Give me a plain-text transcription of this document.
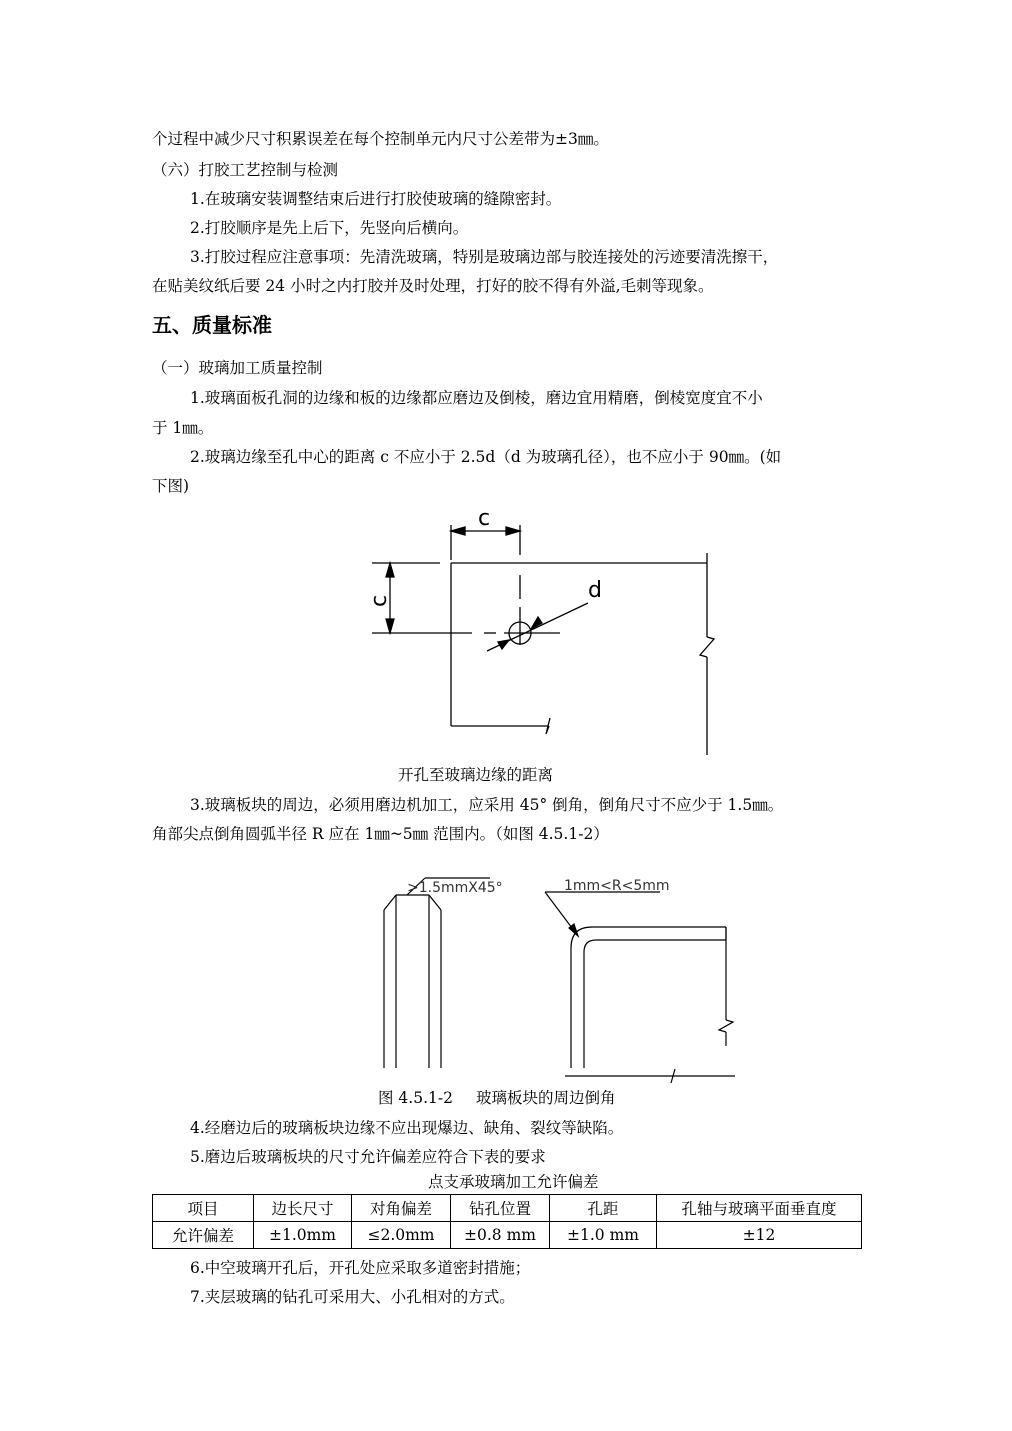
个过程中减少尺寸积累误差在每个控制单元内尺寸公差带为±3㎜。
（六）打胶工艺控制与检测
1.在玻璃安装调整结束后进行打胶使玻璃的缝隙密封。
2.打胶顺序是先上后下，先竖向后横向。
3.打胶过程应注意事项：先清洗玻璃，特别是玻璃边部与胶连接处的污迹要清洗擦干，
在贴美纹纸后要 24 小时之内打胶并及时处理，打好的胶不得有外溢,毛刺等现象。
五、质量标准
（一）玻璃加工质量控制
1.玻璃面板孔洞的边缘和板的边缘都应磨边及倒棱，磨边宜用精磨，倒棱宽度宜不小
于 1㎜。
2.玻璃边缘至孔中心的距离 c 不应小于 2.5d（d 为玻璃孔径），也不应小于 90㎜。(如
下图)
c
c	d
开孔至玻璃边缘的距离
3.玻璃板块的周边，必须用磨边机加工，应采用 45° 倒角，倒角尺寸不应少于 1.5㎜。
角部尖点倒角圆弧半径 R 应在 1㎜~5㎜ 范围内。（如图 4.5.1-2）
>1.5mmX45°	1mm<R<5mm
图 4.5.1-2 玻璃板块的周边倒角
4.经磨边后的玻璃板块边缘不应出现爆边、缺角、裂纹等缺陷。
5.磨边后玻璃板块的尺寸允许偏差应符合下表的要求
点支承玻璃加工允许偏差
项目	边长尺寸	对角偏差	钻孔位置	孔距	孔轴与玻璃平面垂直度
允许偏差	±1.0mm	≤2.0mm	±0.8 mm	±1.0 mm	±12
6.中空玻璃开孔后，开孔处应采取多道密封措施；
7.夹层玻璃的钻孔可采用大、小孔相对的方式。
